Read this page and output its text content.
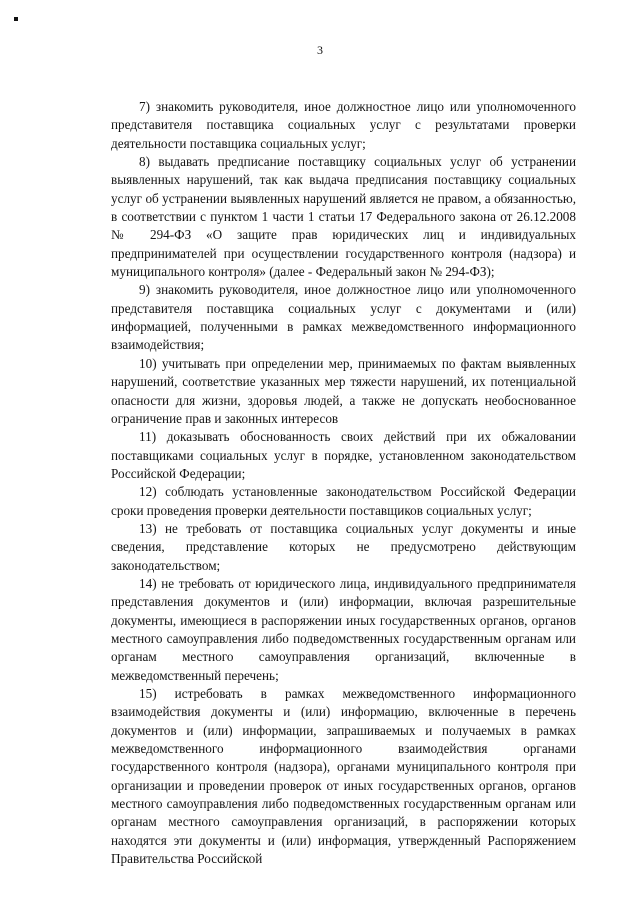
3

7) знакомить руководителя, иное должностное лицо или уполномоченного представителя поставщика социальных услуг с результатами проверки деятельности поставщика социальных услуг;

8) выдавать предписание поставщику социальных услуг об устранении выявленных нарушений, так как выдача предписания поставщику социальных услуг об устранении выявленных нарушений является не правом, а обязанностью, в соответствии с пунктом 1 части 1 статьи 17 Федерального закона от 26.12.2008 № 294-ФЗ «О защите прав юридических лиц и индивидуальных предпринимателей при осуществлении государственного контроля (надзора) и муниципального контроля» (далее - Федеральный закон № 294-ФЗ);

9) знакомить руководителя, иное должностное лицо или уполномоченного представителя поставщика социальных услуг с документами и (или) информацией, полученными в рамках межведомственного информационного взаимодействия;

10) учитывать при определении мер, принимаемых по фактам выявленных нарушений, соответствие указанных мер тяжести нарушений, их потенциальной опасности для жизни, здоровья людей, а также не допускать необоснованное ограничение прав и законных интересов

11) доказывать обоснованность своих действий при их обжаловании поставщиками социальных услуг в порядке, установленном законодательством Российской Федерации;

12) соблюдать установленные законодательством Российской Федерации сроки проведения проверки деятельности поставщиков социальных услуг;

13) не требовать от поставщика социальных услуг документы и иные сведения, представление которых не предусмотрено действующим законодательством;

14) не требовать от юридического лица, индивидуального предпринимателя представления документов и (или) информации, включая разрешительные документы, имеющиеся в распоряжении иных государственных органов, органов местного самоуправления либо подведомственных государственным органам или органам местного самоуправления организаций, включенные в межведомственный перечень;

15) истребовать в рамках межведомственного информационного взаимодействия документы и (или) информацию, включенные в перечень документов и (или) информации, запрашиваемых и получаемых в рамках межведомственного информационного взаимодействия органами государственного контроля (надзора), органами муниципального контроля при организации и проведении проверок от иных государственных органов, органов местного самоуправления либо подведомственных государственным органам или органам местного самоуправления организаций, в распоряжении которых находятся эти документы и (или) информация, утвержденный Распоряжением Правительства Российской
